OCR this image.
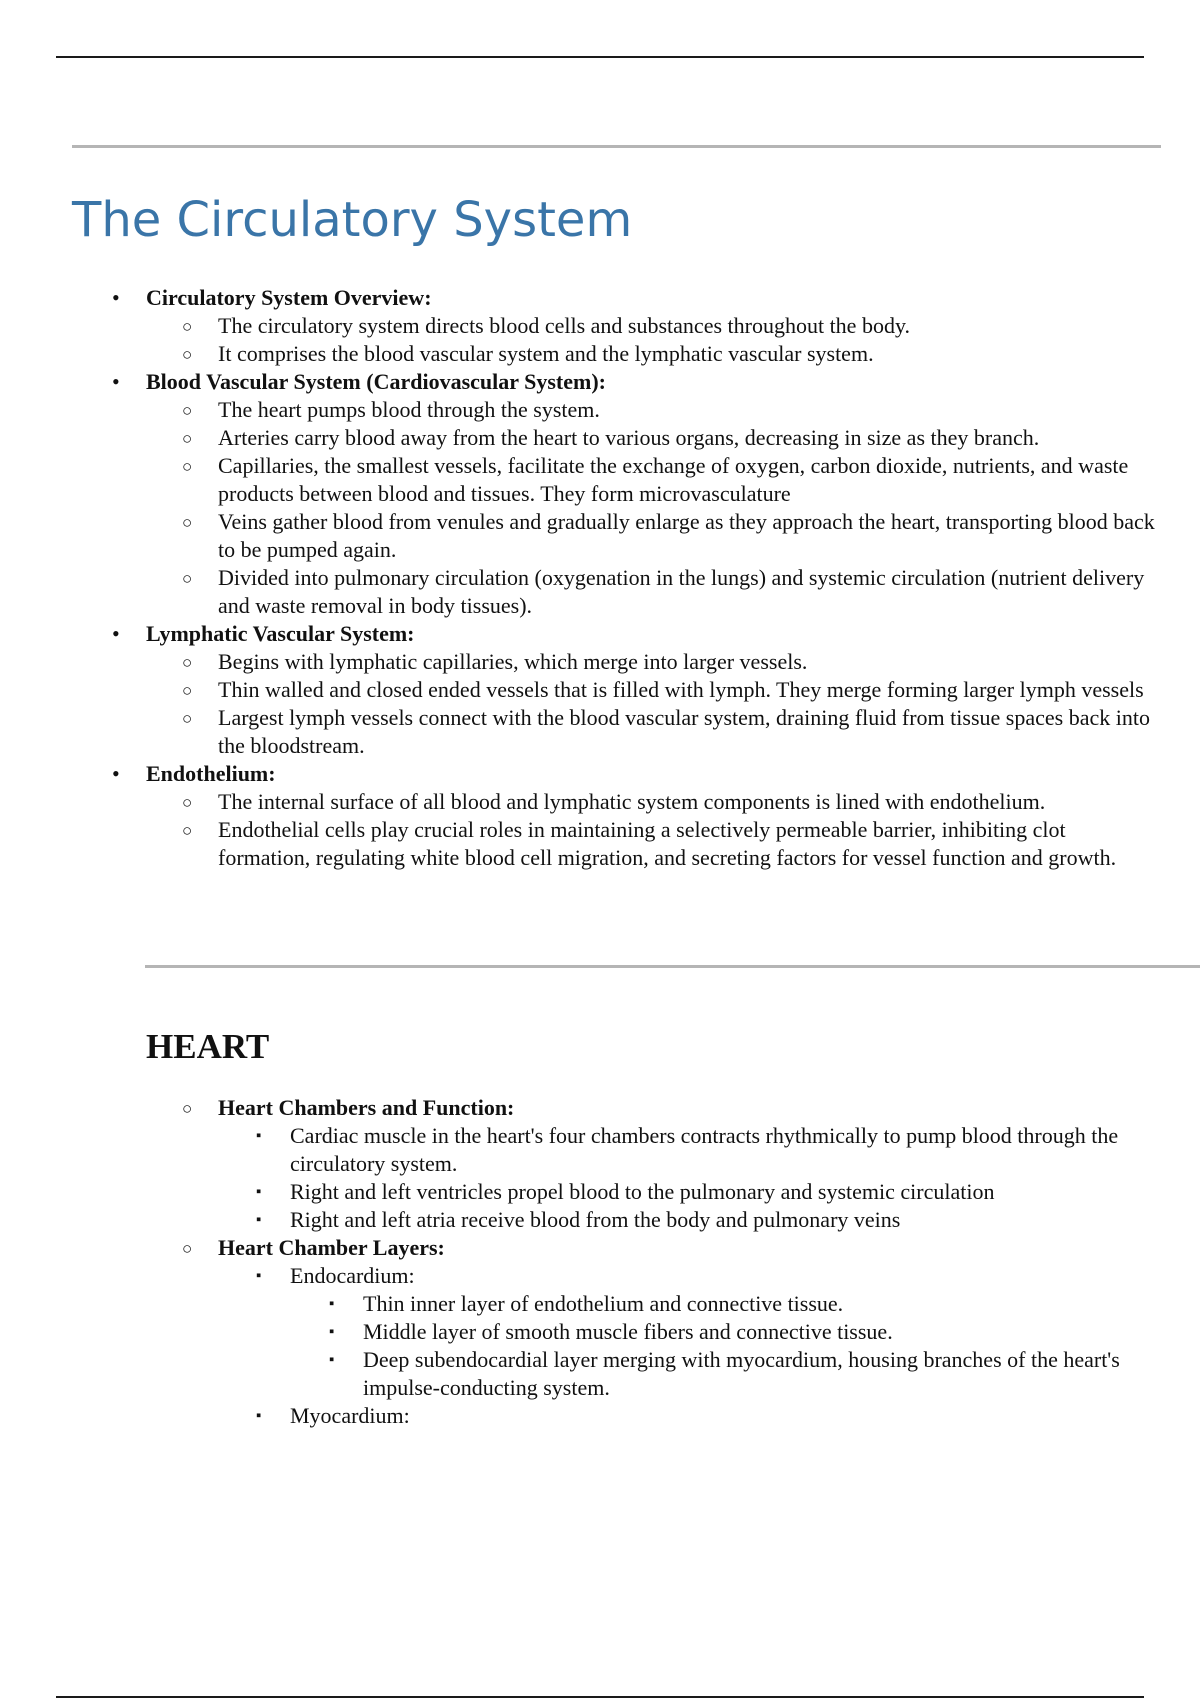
The Circulatory System
• Circulatory System Overview:
○ The circulatory system directs blood cells and substances throughout the body.
○ It comprises the blood vascular system and the lymphatic vascular system.
• Blood Vascular System (Cardiovascular System):
○ The heart pumps blood through the system.
○ Arteries carry blood away from the heart to various organs, decreasing in size as they branch.
○ Capillaries, the smallest vessels, facilitate the exchange of oxygen, carbon dioxide, nutrients, and waste products between blood and tissues. They form microvasculature
○ Veins gather blood from venules and gradually enlarge as they approach the heart, transporting blood back to be pumped again.
○ Divided into pulmonary circulation (oxygenation in the lungs) and systemic circulation (nutrient delivery and waste removal in body tissues).
• Lymphatic Vascular System:
○ Begins with lymphatic capillaries, which merge into larger vessels.
○ Thin walled and closed ended vessels that is filled with lymph. They merge forming larger lymph vessels
○ Largest lymph vessels connect with the blood vascular system, draining fluid from tissue spaces back into the bloodstream.
• Endothelium:
○ The internal surface of all blood and lymphatic system components is lined with endothelium.
○ Endothelial cells play crucial roles in maintaining a selectively permeable barrier, inhibiting clot formation, regulating white blood cell migration, and secreting factors for vessel function and growth.
HEART
○ Heart Chambers and Function:
▪ Cardiac muscle in the heart's four chambers contracts rhythmically to pump blood through the circulatory system.
▪ Right and left ventricles propel blood to the pulmonary and systemic circulation
▪ Right and left atria receive blood from the body and pulmonary veins
○ Heart Chamber Layers:
▪ Endocardium:
▪ Thin inner layer of endothelium and connective tissue.
▪ Middle layer of smooth muscle fibers and connective tissue.
▪ Deep subendocardial layer merging with myocardium, housing branches of the heart's impulse-conducting system.
▪ Myocardium:
